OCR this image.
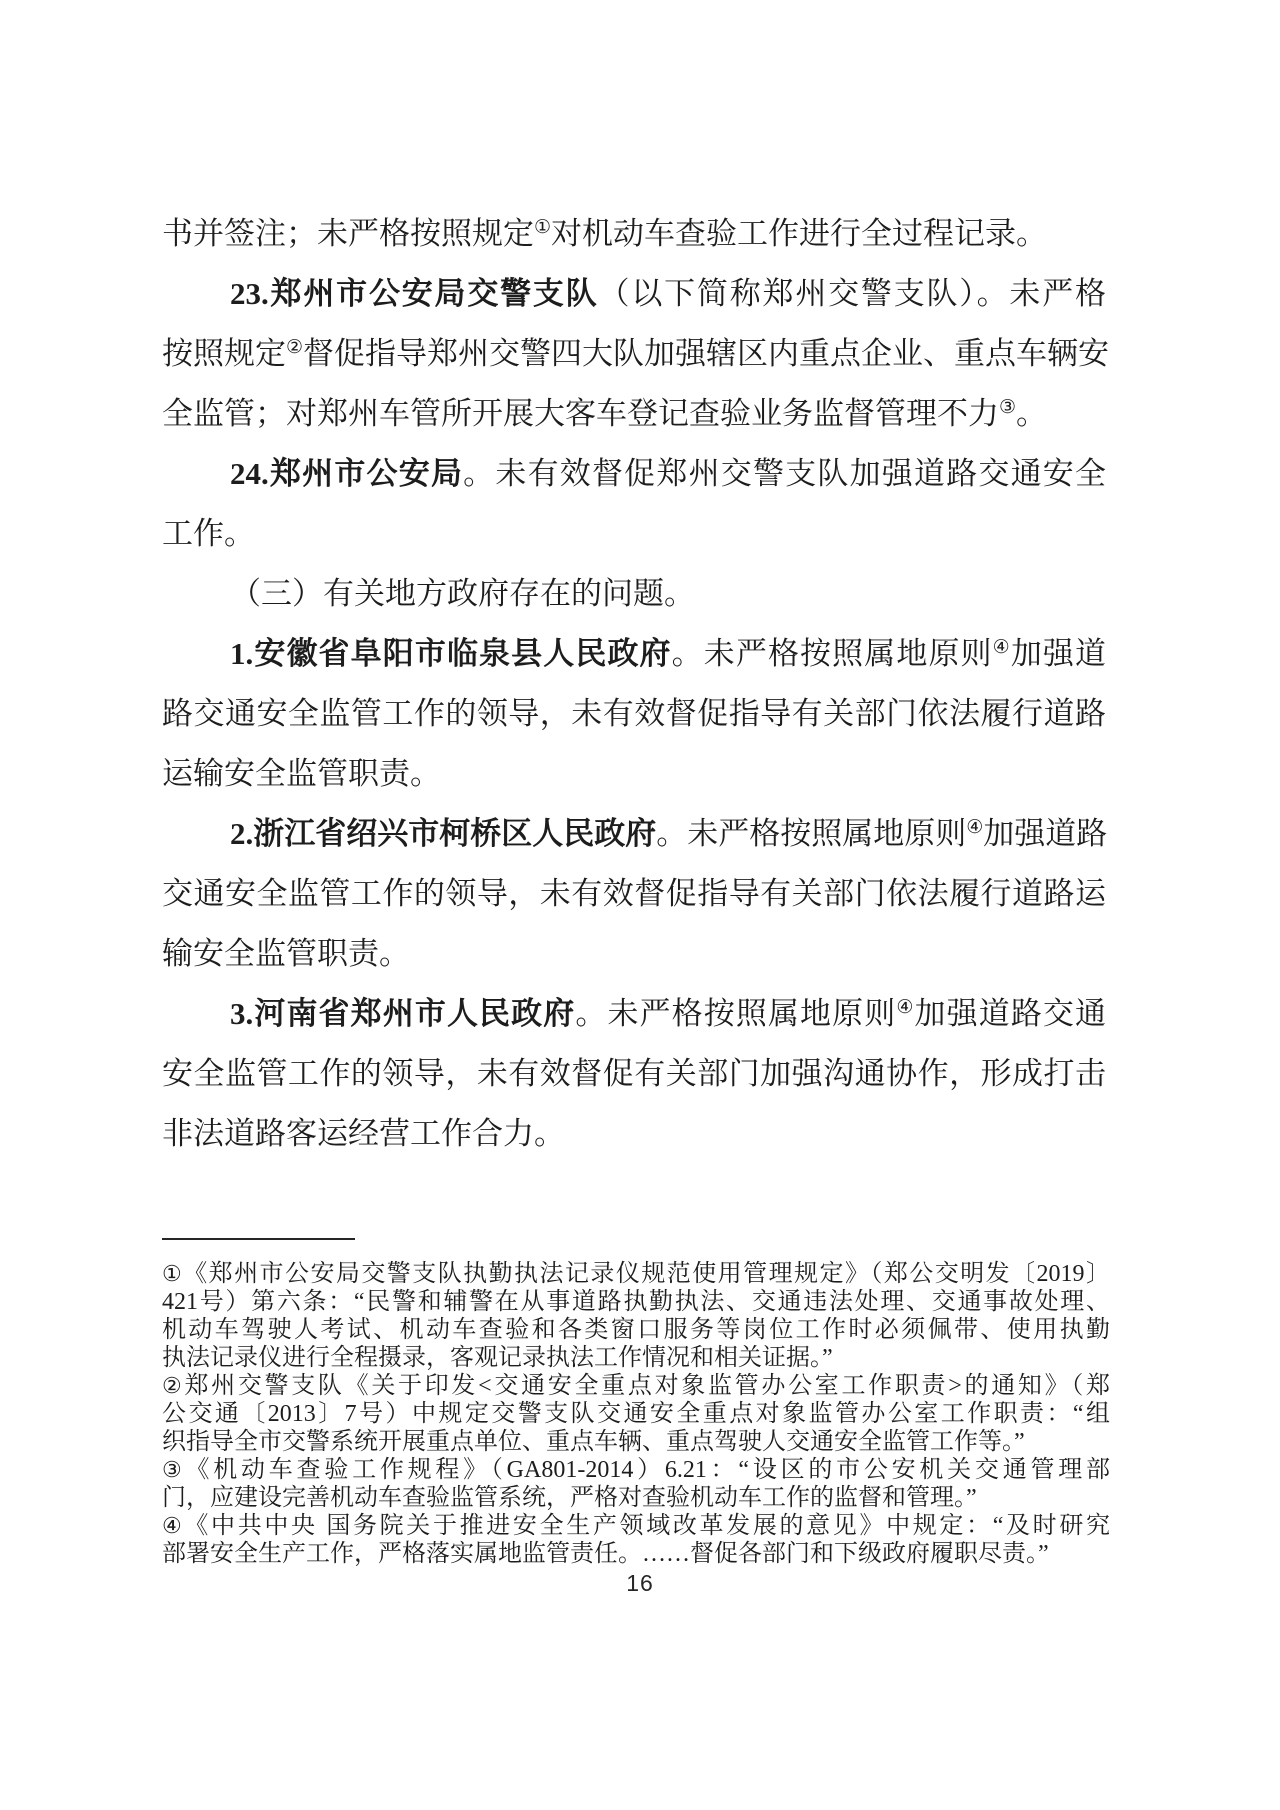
书并签注；未严格按照规定①对机动车查验工作进行全过程记录。
23.郑州市公安局交警支队（以下简称郑州交警支队）。未严格
按照规定②督促指导郑州交警四大队加强辖区内重点企业、重点车辆安
全监管；对郑州车管所开展大客车登记查验业务监督管理不力③。
24.郑州市公安局。未有效督促郑州交警支队加强道路交通安全
工作。
（三）有关地方政府存在的问题。
1.安徽省阜阳市临泉县人民政府。未严格按照属地原则④加强道
路交通安全监管工作的领导，未有效督促指导有关部门依法履行道路
运输安全监管职责。
2.浙江省绍兴市柯桥区人民政府。未严格按照属地原则④加强道路
交通安全监管工作的领导，未有效督促指导有关部门依法履行道路运
输安全监管职责。
3.河南省郑州市人民政府。未严格按照属地原则④加强道路交通
安全监管工作的领导，未有效督促有关部门加强沟通协作，形成打击
非法道路客运经营工作合力。
①《郑州市公安局交警支队执勤执法记录仪规范使用管理规定》（郑公交明发〔2019〕
421号）第六条：“民警和辅警在从事道路执勤执法、交通违法处理、交通事故处理、
机动车驾驶人考试、机动车查验和各类窗口服务等岗位工作时必须佩带、使用执勤
执法记录仪进行全程摄录，客观记录执法工作情况和相关证据。”
②郑州交警支队《关于印发<交通安全重点对象监管办公室工作职责>的通知》（郑
公交通〔2013〕7号）中规定交警支队交通安全重点对象监管办公室工作职责：“组
织指导全市交警系统开展重点单位、重点车辆、重点驾驶人交通安全监管工作等。”
③《机动车查验工作规程》（GA801-2014）6.21：“设区的市公安机关交通管理部
门，应建设完善机动车查验监管系统，严格对查验机动车工作的监督和管理。”
④《中共中央 国务院关于推进安全生产领域改革发展的意见》中规定：“及时研究
部署安全生产工作，严格落实属地监管责任。……督促各部门和下级政府履职尽责。”
16
